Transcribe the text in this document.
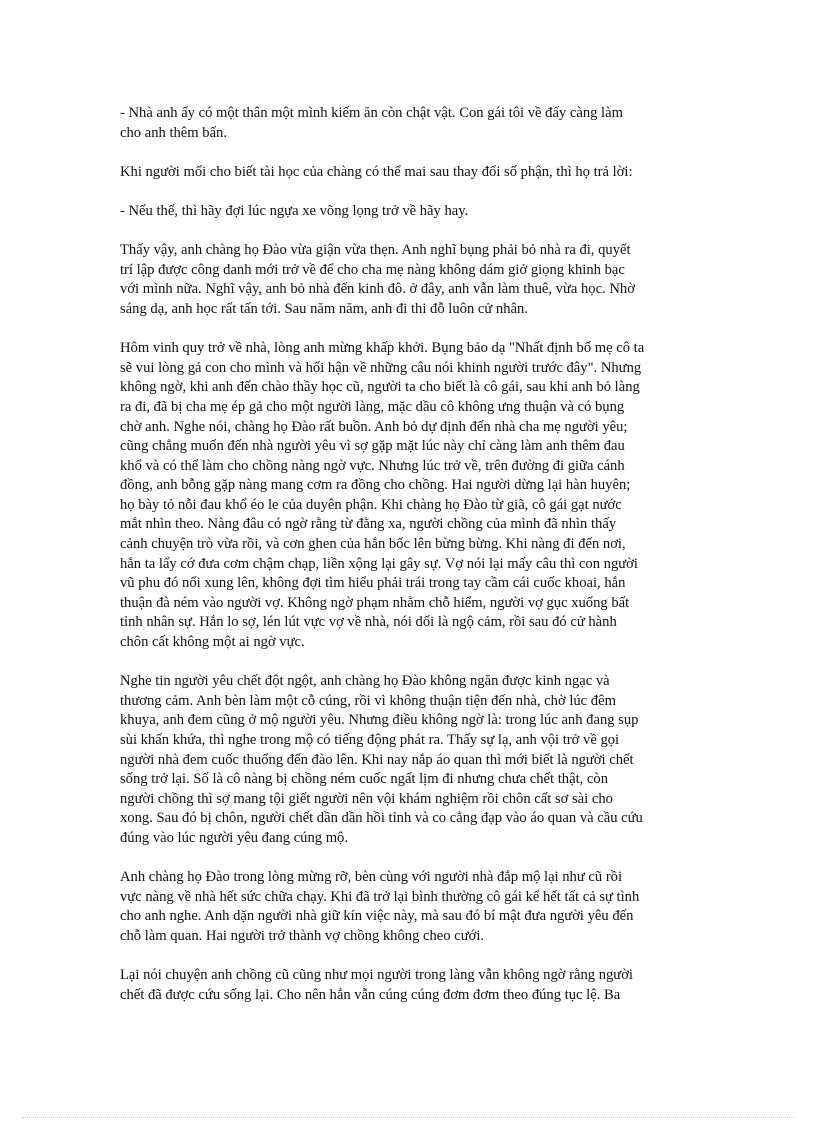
- Nhà anh ấy có một thân một mình kiếm ăn còn chật vật. Con gái tôi về đấy càng làm
cho anh thêm bẩn.
Khi người mối cho biết tài học của chàng có thể mai sau thay đổi số phận, thì họ trả lời:
- Nếu thế, thì hãy đợi lúc ngựa xe võng lọng trở về hãy hay.
Thấy vậy, anh chàng họ Đào vừa giận vừa thẹn. Anh nghĩ bụng phải bỏ nhà ra đi, quyết
trí lập được công danh mới trở về để cho cha mẹ nàng không dám giở giọng khinh bạc
với mình nữa. Nghĩ vậy, anh bỏ nhà đến kinh đô. ở đây, anh vẫn làm thuê, vừa học. Nhờ
sáng dạ, anh học rất tấn tới. Sau năm năm, anh đi thi đỗ luôn cử nhân.
Hôm vinh quy trở về nhà, lòng anh mừng khấp khởi. Bụng bảo dạ "Nhất định bố mẹ cô ta
sẽ vui lòng gả con cho mình và hối hận về những câu nói khinh người trước đây". Nhưng
không ngờ, khi anh đến chào thầy học cũ, người ta cho biết là cô gái, sau khi anh bỏ làng
ra đi, đã bị cha mẹ ép gả cho một người làng, mặc dầu cô không ưng thuận và có bụng
chờ anh. Nghe nói, chàng họ Đào rất buồn. Anh bỏ dự định đến nhà cha mẹ người yêu;
cũng chẳng muốn đến nhà người yêu vì sợ gặp mặt lúc này chỉ càng làm anh thêm đau
khổ và có thể làm cho chồng nàng ngờ vực. Nhưng lúc trở về, trên đường đi giữa cánh
đồng, anh bỗng gặp nàng mang cơm ra đồng cho chồng. Hai người dừng lại hàn huyên;
họ bày tỏ nỗi đau khổ éo le của duyên phận. Khi chàng họ Đào từ giã, cô gái gạt nước
mắt nhìn theo. Nàng đâu có ngờ rằng từ đằng xa, người chồng của mình đã nhìn thấy
cảnh chuyện trò vừa rồi, và cơn ghen của hắn bốc lên bừng bừng. Khi nàng đi đến nơi,
hắn ta lấy cớ đưa cơm chậm chạp, liền xộng lại gây sự. Vợ nói lại mấy câu thì con người
vũ phu đó nổi xung lên, không đợi tìm hiểu phải trái trong tay cầm cái cuốc khoai, hắn
thuận đà ném vào người vợ. Không ngờ phạm nhằm chỗ hiểm, người vợ gục xuống bất
tỉnh nhân sự. Hắn lo sợ, lén lút vực vợ về nhà, nói dối là ngộ cảm, rồi sau đó cử hành
chôn cất không một ai ngờ vực.
Nghe tin người yêu chết đột ngột, anh chàng họ Đào không ngăn được kinh ngạc và
thương cảm. Anh bèn làm một cỗ cúng, rồi vì không thuận tiện đến nhà, chờ lúc đêm
khuya, anh đem cũng ở mộ người yêu. Nhưng điều không ngờ là: trong lúc anh đang sụp
sùi khấn khứa, thì nghe trong mộ có tiếng động phát ra. Thấy sự lạ, anh vội trở về gọi
người nhà đem cuốc thuổng đến đào lên. Khi nay nắp áo quan thì mới biết là người chết
sống trở lại. Số là cô nàng bị chồng ném cuốc ngất lịm đi nhưng chưa chết thật, còn
người chồng thì sợ mang tội giết người nên vội khám nghiệm rồi chôn cất sơ sài cho
xong. Sau đó bị chôn, người chết dần dần hồi tỉnh và co cẳng đạp vào áo quan và cầu cứu
đúng vào lúc người yêu đang cúng mộ.
Anh chàng họ Đào trong lòng mừng rỡ, bèn cùng với người nhà đắp mộ lại như cũ rồi
vực nàng về nhà hết sức chữa chạy. Khi đã trở lại bình thường cô gái kể hết tất cả sự tình
cho anh nghe. Anh dặn người nhà giữ kín việc này, mà sau đó bí mật đưa người yêu đến
chỗ làm quan. Hai người trở thành vợ chồng không cheo cưới.
Lại nói chuyện anh chồng cũ cũng như mọi người trong làng vẫn không ngờ rằng người
chết đã được cứu sống lại. Cho nên hắn vẫn cúng cúng đơm đơm theo đúng tục lệ. Ba
